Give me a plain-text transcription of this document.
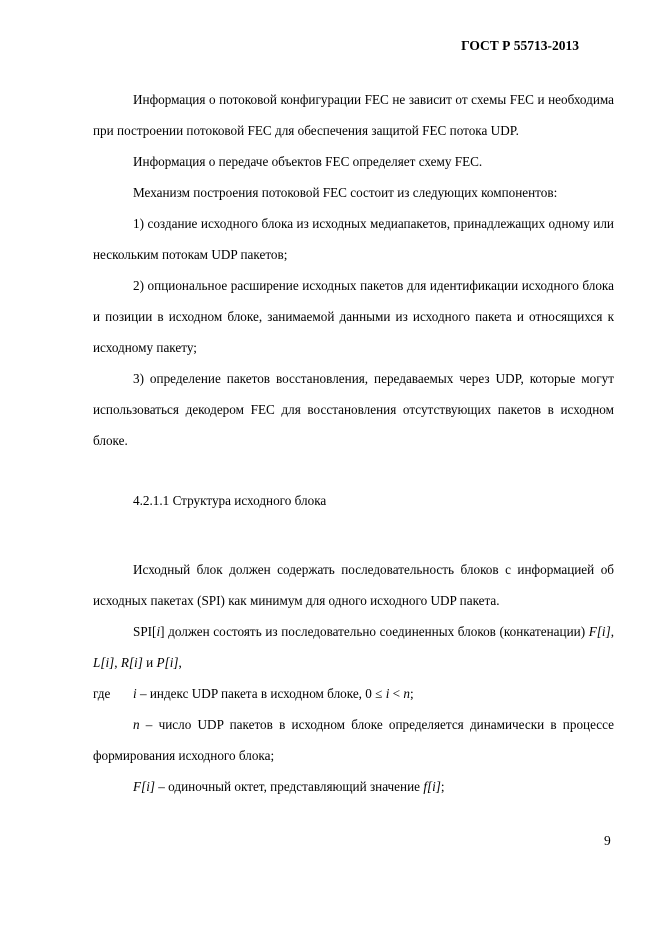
ГОСТ Р 55713-2013

Информация о потоковой конфигурации FEC не зависит от схемы FEC и необходима при построении потоковой FEC для обеспечения защитой FEC потока UDP.

Информация о передаче объектов FEC определяет схему FEC.

Механизм построения потоковой FEC состоит из следующих компонентов:

1) создание исходного блока из исходных медиапакетов, принадлежащих одному или нескольким потокам UDP пакетов;

2) опциональное расширение исходных пакетов для идентификации исходного блока и позиции в исходном блоке, занимаемой данными из исходного пакета и относящихся к исходному пакету;

3) определение пакетов восстановления, передаваемых через UDP, которые могут использоваться декодером FEC для восстановления отсутствующих пакетов в исходном блоке.

4.2.1.1 Структура исходного блока

Исходный блок должен содержать последовательность блоков с информацией об исходных пакетах (SPI) как минимум для одного исходного UDP пакета.

SPI[i] должен состоять из последовательно соединенных блоков (конкатенации) F[i], L[i], R[i] и P[i],

где	i – индекс UDP пакета в исходном блоке, 0 ≤ i < n;

n – число UDP пакетов в исходном блоке определяется динамически в процессе формирования исходного блока;

F[i] – одиночный октет, представляющий значение f[i];

9
